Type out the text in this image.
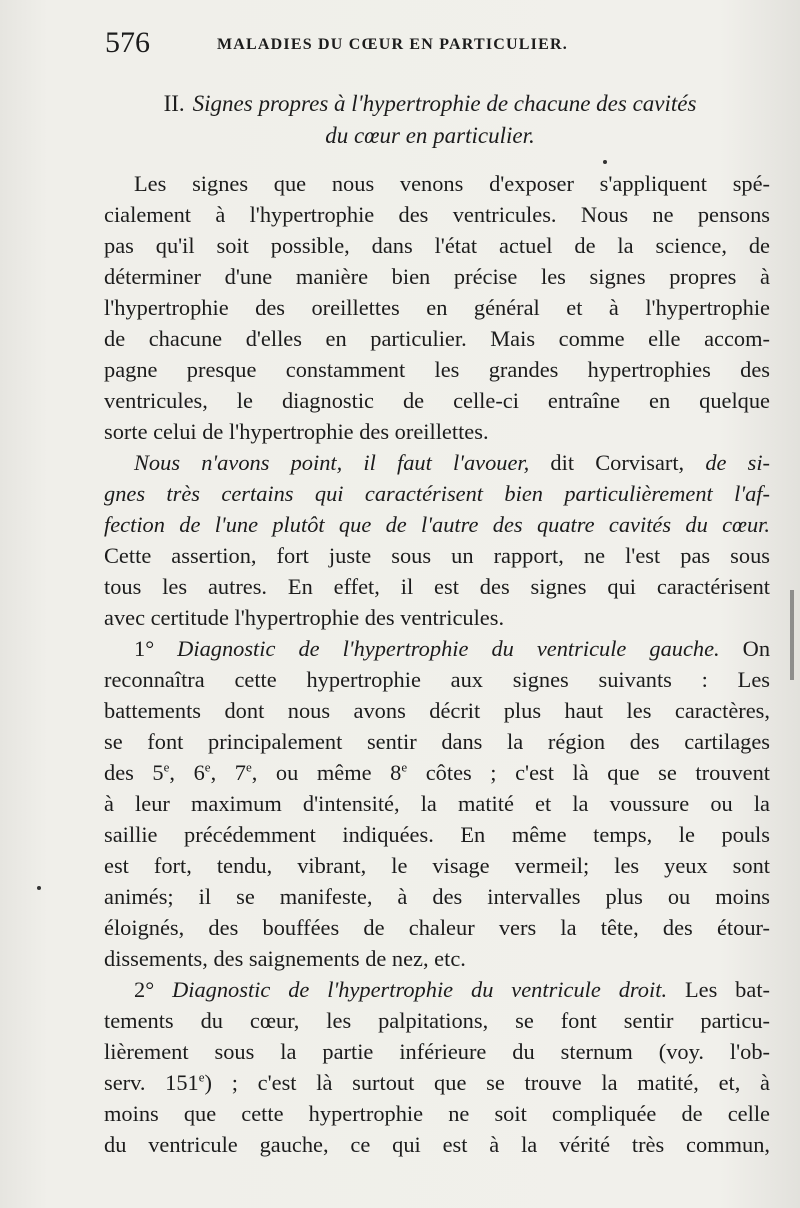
576	MALADIES DU CŒUR EN PARTICULIER.
II. Signes propres à l'hypertrophie de chacune des cavités
du cœur en particulier.
Les signes que nous venons d'exposer s'appliquent spé-
cialement à l'hypertrophie des ventricules. Nous ne pensons
pas qu'il soit possible, dans l'état actuel de la science, de
déterminer d'une manière bien précise les signes propres à
l'hypertrophie des oreillettes en général et à l'hypertrophie
de chacune d'elles en particulier. Mais comme elle accom-
pagne presque constamment les grandes hypertrophies des
ventricules, le diagnostic de celle-ci entraîne en quelque
sorte celui de l'hypertrophie des oreillettes.
Nous n'avons point, il faut l'avouer, dit Corvisart, de si-
gnes très certains qui caractérisent bien particulièrement l'af-
fection de l'une plutôt que de l'autre des quatre cavités du cœur.
Cette assertion, fort juste sous un rapport, ne l'est pas sous
tous les autres. En effet, il est des signes qui caractérisent
avec certitude l'hypertrophie des ventricules.
1° Diagnostic de l'hypertrophie du ventricule gauche. On
reconnaîtra cette hypertrophie aux signes suivants : Les
battements dont nous avons décrit plus haut les caractères,
se font principalement sentir dans la région des cartilages
des 5e, 6e, 7e, ou même 8e côtes ; c'est là que se trouvent
à leur maximum d'intensité, la matité et la voussure ou la
saillie précédemment indiquées. En même temps, le pouls
est fort, tendu, vibrant, le visage vermeil; les yeux sont
animés; il se manifeste, à des intervalles plus ou moins
éloignés, des bouffées de chaleur vers la tête, des étour-
dissements, des saignements de nez, etc.
2° Diagnostic de l'hypertrophie du ventricule droit. Les bat-
tements du cœur, les palpitations, se font sentir particu-
lièrement sous la partie inférieure du sternum (voy. l'ob-
serv. 151e) ; c'est là surtout que se trouve la matité, et, à
moins que cette hypertrophie ne soit compliquée de celle
du ventricule gauche, ce qui est à la vérité très commun,
